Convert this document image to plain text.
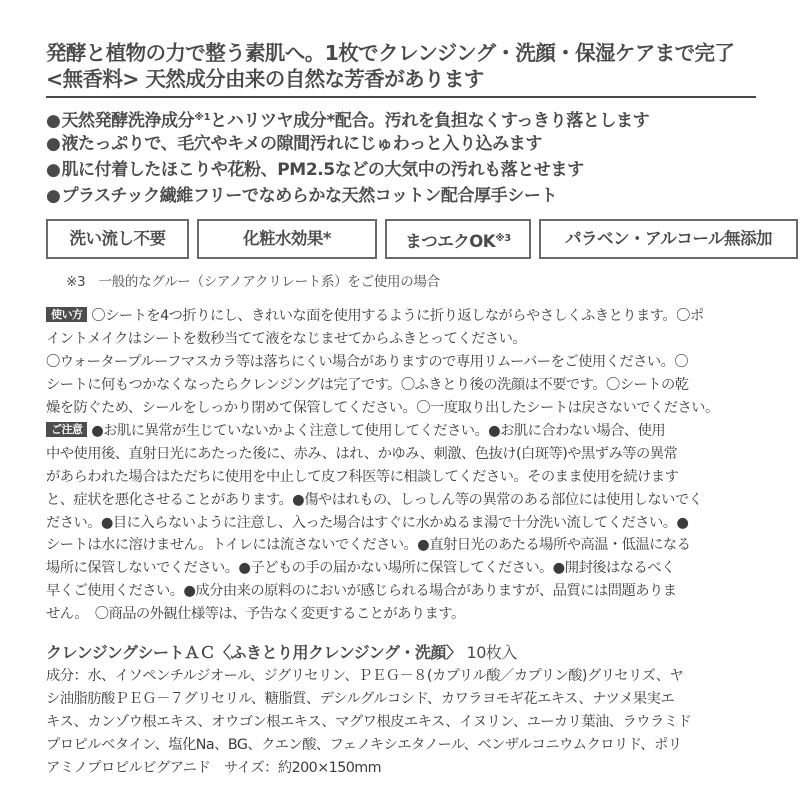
発酵と植物の力で整う素肌へ。1枚でクレンジング・洗顔・保湿ケアまで完了
<無香料> 天然成分由来の自然な芳香があります
●天然発酵洗浄成分$^{※1}$とハリツヤ成分*配合。汚れを負担なくすっきり落とします
●液たっぷりで、毛穴やキメの隙間汚れにじゅわっと入り込みます
●肌に付着したほこりや花粉、PM2.5などの大気中の汚れも落とせます
●プラスチック繊維フリーでなめらかな天然コットン配合厚手シート
洗い流し不要	化粧水効果*	まつエクOK$^{※3}$	パラベン・アルコール無添加
※3　一般的なグルー（シアノアクリレート系）をご使用の場合
使い方 〇シートを4つ折りにし、きれいな面を使用するように折り返しながらやさしくふきとります。〇ポ
イントメイクはシートを数秒当てて液をなじませてからふきとってください。
〇ウォータープルーフマスカラ等は落ちにくい場合がありますので専用リムーバーをご使用ください。〇
シートに何もつかなくなったらクレンジングは完了です。〇ふきとり後の洗顔は不要です。〇シートの乾
燥を防ぐため、シールをしっかり閉めて保管してください。〇一度取り出したシートは戻さないでください。
ご注意 ●お肌に異常が生じていないかよく注意して使用してください。●お肌に合わない場合、使用
中や使用後、直射日光にあたった後に、赤み、はれ、かゆみ、刺激、色抜け(白斑等)や黒ずみ等の異常
があらわれた場合はただちに使用を中止して皮フ科医等に相談してください。そのまま使用を続けます
と、症状を悪化させることがあります。●傷やはれもの、しっしん等の異常のある部位には使用しないでく
ださい。●目に入らないように注意し、入った場合はすぐに水かぬるま湯で十分洗い流してください。●
シートは水に溶けません。トイレには流さないでください。●直射日光のあたる場所や高温・低温になる
場所に保管しないでください。●子どもの手の届かない場所に保管してください。●開封後はなるべく
早くご使用ください。●成分由来の原料のにおいが感じられる場合がありますが、品質には問題ありま
せん。　〇商品の外観仕様等は、予告なく変更することがあります。
クレンジングシートＡＣ〈ふきとり用クレンジング・洗顔〉 10枚入
成分：水、イソペンチルジオール、ジグリセリン、ＰＥＧ－８(カプリル酸／カプリン酸)グリセリズ、ヤ
シ油脂肪酸ＰＥＧ－７グリセリル、糖脂質、デシルグルコシド、カワラヨモギ花エキス、ナツメ果実エ
キス、カンゾウ根エキス、オウゴン根エキス、マグワ根皮エキス、イヌリン、ユーカリ葉油、ラウラミド
プロピルベタイン、塩化Na、BG、クエン酸、フェノキシエタノール、ベンザルコニウムクロリド、ポリ
アミノプロピルビグアニド　サイズ：約200×150mm
